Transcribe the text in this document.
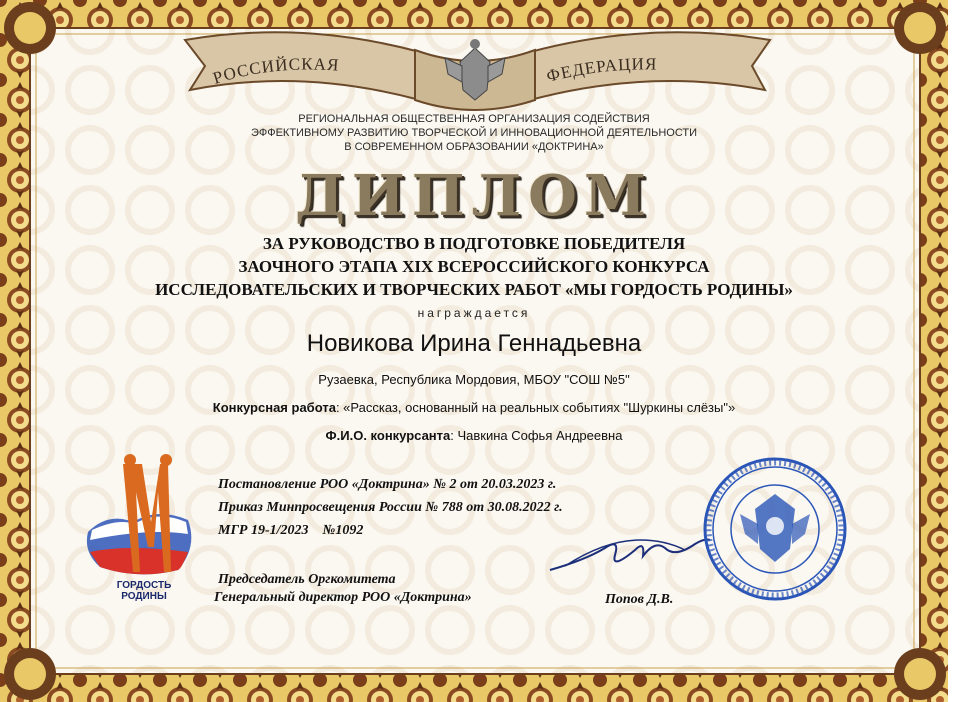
РОССИЙСКАЯ	ФЕДЕРАЦИЯ
РЕГИОНАЛЬНАЯ ОБЩЕСТВЕННАЯ ОРГАНИЗАЦИЯ СОДЕЙСТВИЯ
ЭФФЕКТИВНОМУ РАЗВИТИЮ ТВОРЧЕСКОЙ И ИННОВАЦИОННОЙ ДЕЯТЕЛЬНОСТИ
В СОВРЕМЕННОМ ОБРАЗОВАНИИ «ДОКТРИНА»
ДИПЛОМ
ЗА РУКОВОДСТВО В ПОДГОТОВКЕ ПОБЕДИТЕЛЯ
ЗАОЧНОГО ЭТАПА XIX ВСЕРОССИЙСКОГО КОНКУРСА
ИССЛЕДОВАТЕЛЬСКИХ И ТВОРЧЕСКИХ РАБОТ «МЫ ГОРДОСТЬ РОДИНЫ»
награждается
Новикова Ирина Геннадьевна
Рузаевка, Республика Мордовия, МБОУ "СОШ №5"
Конкурсная работа: «Рассказ, основанный на реальных событиях "Шуркины слёзы"»
Ф.И.О. конкурсанта: Чавкина Софья Андреевна
ГОРДОСТЬ РОДИНЫ
Постановление РОО «Доктрина» № 2 от 20.03.2023 г.
Приказ Минпросвещения России № 788 от 30.08.2022 г.
МГР 19-1/2023    №1092
Председатель Оргкомитета
Генеральный директор РОО «Доктрина»	Попов Д.В.
